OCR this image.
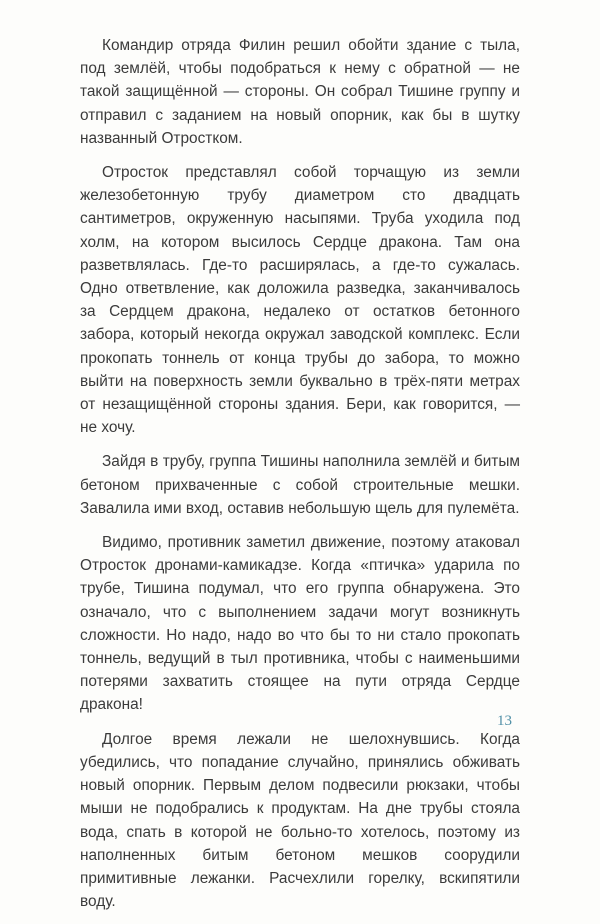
Командир отряда Филин решил обойти здание с тыла, под землёй, чтобы подобраться к нему с обратной — не такой защищённой — стороны. Он собрал Тишине группу и отправил с заданием на новый опорник, как бы в шутку названный Отростком.

Отросток представлял собой торчащую из земли железобетонную трубу диаметром сто двадцать сантиметров, окруженную насыпями. Труба уходила под холм, на котором высилось Сердце дракона. Там она разветвлялась. Где-то расширялась, а где-то сужалась. Одно ответвление, как доложила разведка, заканчивалось за Сердцем дракона, недалеко от остатков бетонного забора, который некогда окружал заводской комплекс. Если прокопать тоннель от конца трубы до забора, то можно выйти на поверхность земли буквально в трёх-пяти метрах от незащищённой стороны здания. Бери, как говорится, — не хочу.

Зайдя в трубу, группа Тишины наполнила землёй и битым бетоном прихваченные с собой строительные мешки. Завалила ими вход, оставив небольшую щель для пулемёта.

Видимо, противник заметил движение, поэтому атаковал Отросток дронами-камикадзе. Когда «птичка» ударила по трубе, Тишина подумал, что его группа обнаружена. Это означало, что с выполнением задачи могут возникнуть сложности. Но надо, надо во что бы то ни стало прокопать тоннель, ведущий в тыл противника, чтобы с наименьшими потерями захватить стоящее на пути отряда Сердце дракона!

Долгое время лежали не шелохнувшись. Когда убедились, что попадание случайно, принялись обживать новый опорник. Первым делом подвесили рюкзаки, чтобы мыши не подобрались к продуктам. На дне трубы стояла вода, спать в которой не больно-то хотелось, поэтому из наполненных битым бетоном мешков соорудили примитивные лежанки. Расчехлили горелку, вскипятили воду.

13
